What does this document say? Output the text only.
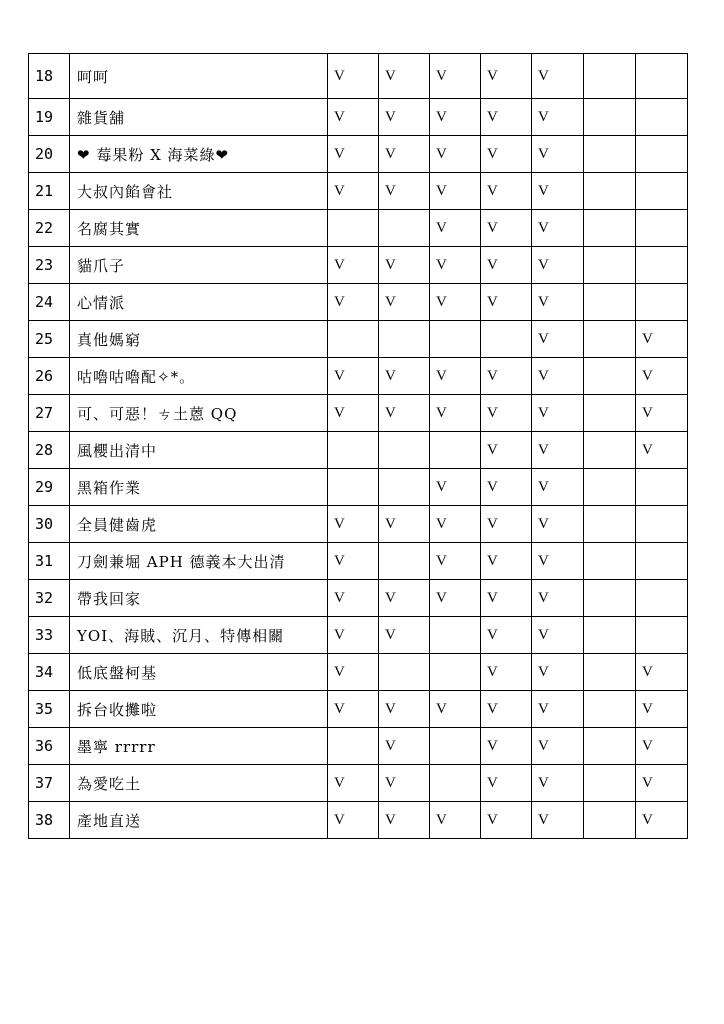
18	呵呵	V	V	V	V	V		
19	雜貨舖	V	V	V	V	V		
20	❤ 莓果粉 X 海菜綠❤	V	V	V	V	V		
21	大叔內餡會社	V	V	V	V	V		
22	名腐其實			V	V	V		
23	貓爪子	V	V	V	V	V		
24	心情派	V	V	V	V	V		
25	真他媽窮					V		V
26	咕嚕咕嚕配✧*。	V	V	V	V	V		V
27	可、可惡！ㄘ土蒽 QQ	V	V	V	V	V		V
28	風櫻出清中				V	V		V
29	黑箱作業			V	V	V		
30	全員健齒虎	V	V	V	V	V		
31	刀劍兼堀 APH 德義本大出清	V		V	V	V		
32	帶我回家	V	V	V	V	V		
33	YOI、海賊、沉月、特傳相關	V	V		V	V		
34	低底盤柯基	V			V	V		V
35	拆台收攤啦	V	V	V	V	V		V
36	墨寧 rrrrr		V		V	V		V
37	為愛吃土	V	V		V	V		V
38	產地直送	V	V	V	V	V		V
